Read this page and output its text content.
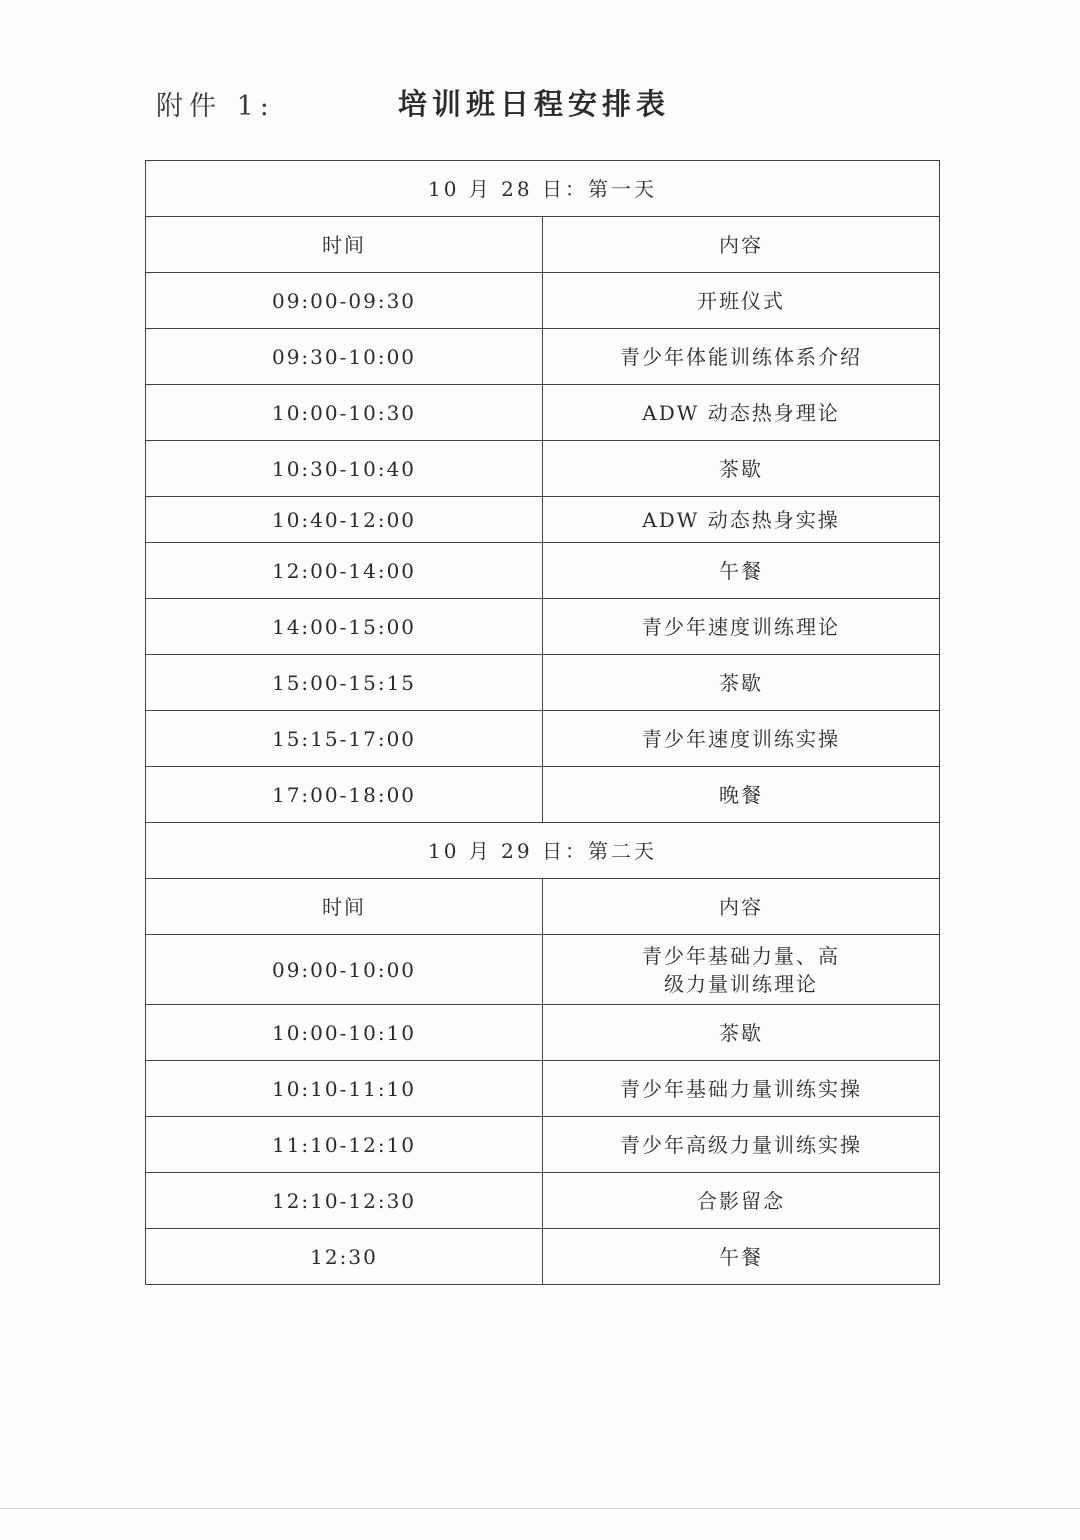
附件 1:	培训班日程安排表
10 月 28 日：第一天	
时间	内容
09:00-09:30	开班仪式
09:30-10:00	青少年体能训练体系介绍
10:00-10:30	ADW 动态热身理论
10:30-10:40	茶歇
10:40-12:00	ADW 动态热身实操
12:00-14:00	午餐
14:00-15:00	青少年速度训练理论
15:00-15:15	茶歇
15:15-17:00	青少年速度训练实操
17:00-18:00	晚餐
10 月 29 日：第二天	
时间	内容
09:00-10:00	青少年基础力量、高级力量训练理论
10:00-10:10	茶歇
10:10-11:10	青少年基础力量训练实操
11:10-12:10	青少年高级力量训练实操
12:10-12:30	合影留念
12:30	午餐
